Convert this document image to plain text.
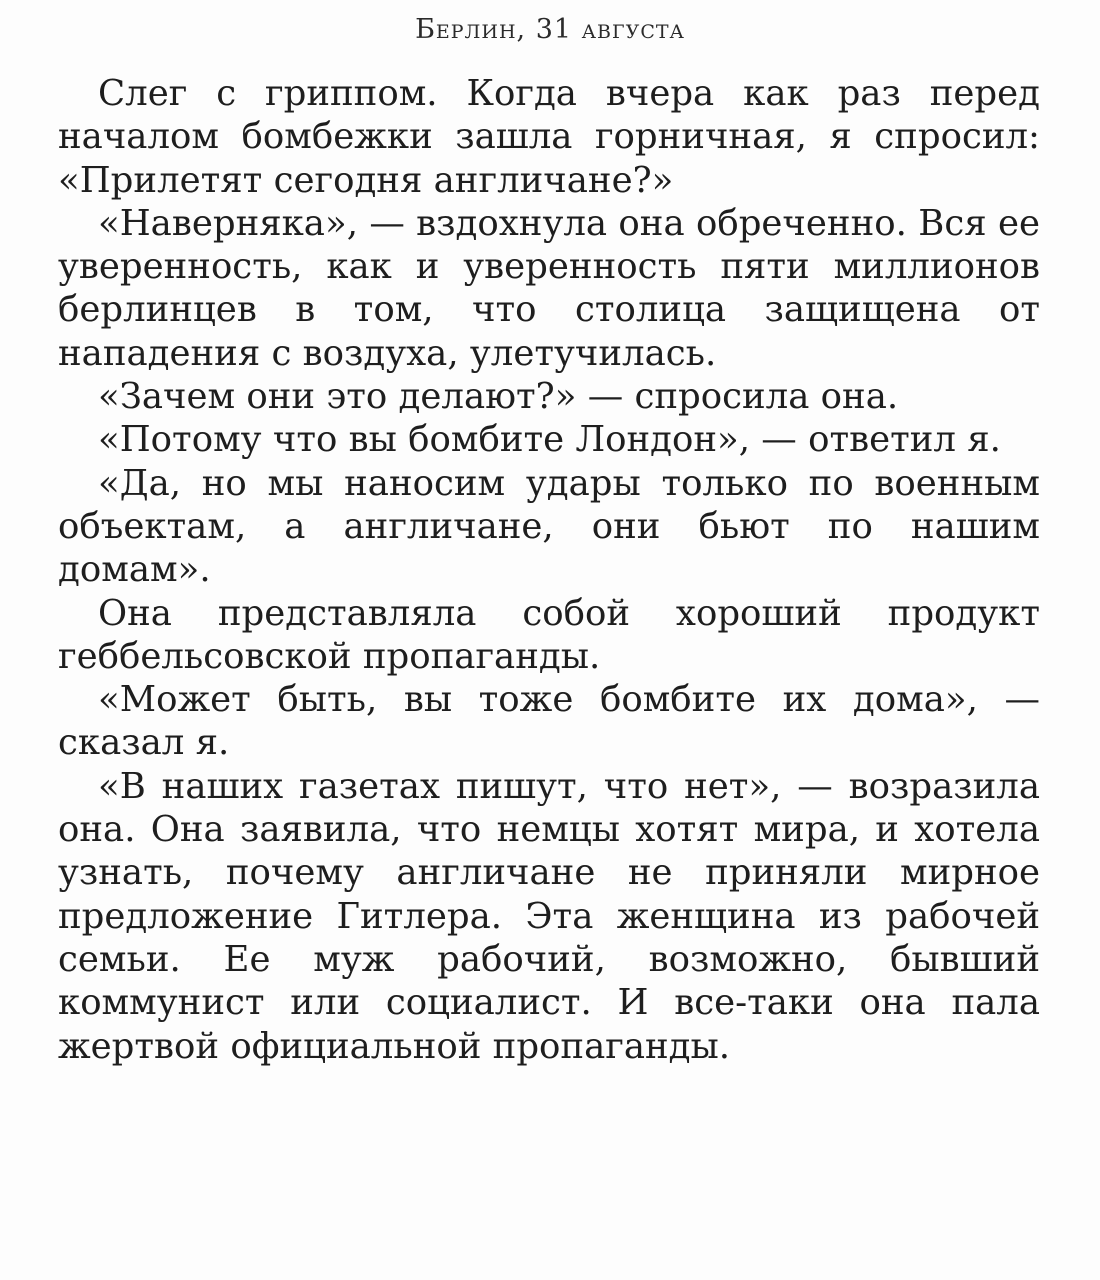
Берлин, 31 августа

Слег с гриппом. Когда вчера как раз перед началом бомбежки зашла горничная, я спросил: «Прилетят сегодня англичане?»

«Наверняка», — вздохнула она обреченно. Вся ее уверенность, как и уверенность пяти миллионов берлинцев в том, что столица защищена от нападения с воздуха, улетучилась.

«Зачем они это делают?» — спросила она.

«Потому что вы бомбите Лондон», — ответил я.

«Да, но мы наносим удары только по военным объектам, а англичане, они бьют по нашим домам».

Она представляла собой хороший продукт геббельсовской пропаганды.

«Может быть, вы тоже бомбите их дома», — сказал я.

«В наших газетах пишут, что нет», — возразила она. Она заявила, что немцы хотят мира, и хотела узнать, почему англичане не приняли мирное предложение Гитлера. Эта женщина из рабочей семьи. Ее муж рабочий, возможно, бывший коммунист или социалист. И все-таки она пала жертвой официальной пропаганды.
